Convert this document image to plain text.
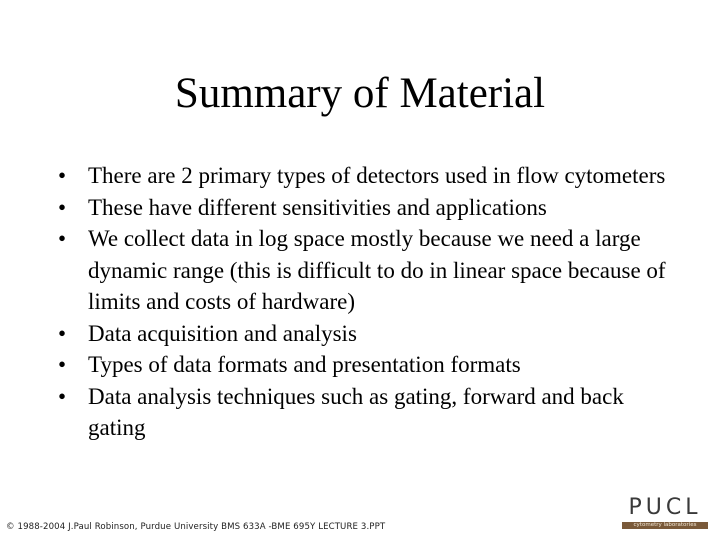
Summary of Material
• There are 2 primary types of detectors used in flow cytometers
• These have different sensitivities and applications
• We collect data in log space mostly because we need a large dynamic range (this is difficult to do in linear space because of limits and costs of hardware)
• Data acquisition and analysis
• Types of data formats and presentation formats
• Data analysis techniques such as gating, forward and back gating
© 1988-2004 J.Paul Robinson, Purdue University BMS 633A -BME 695Y LECTURE 3.PPT
PUCL
cytometry laboratories
